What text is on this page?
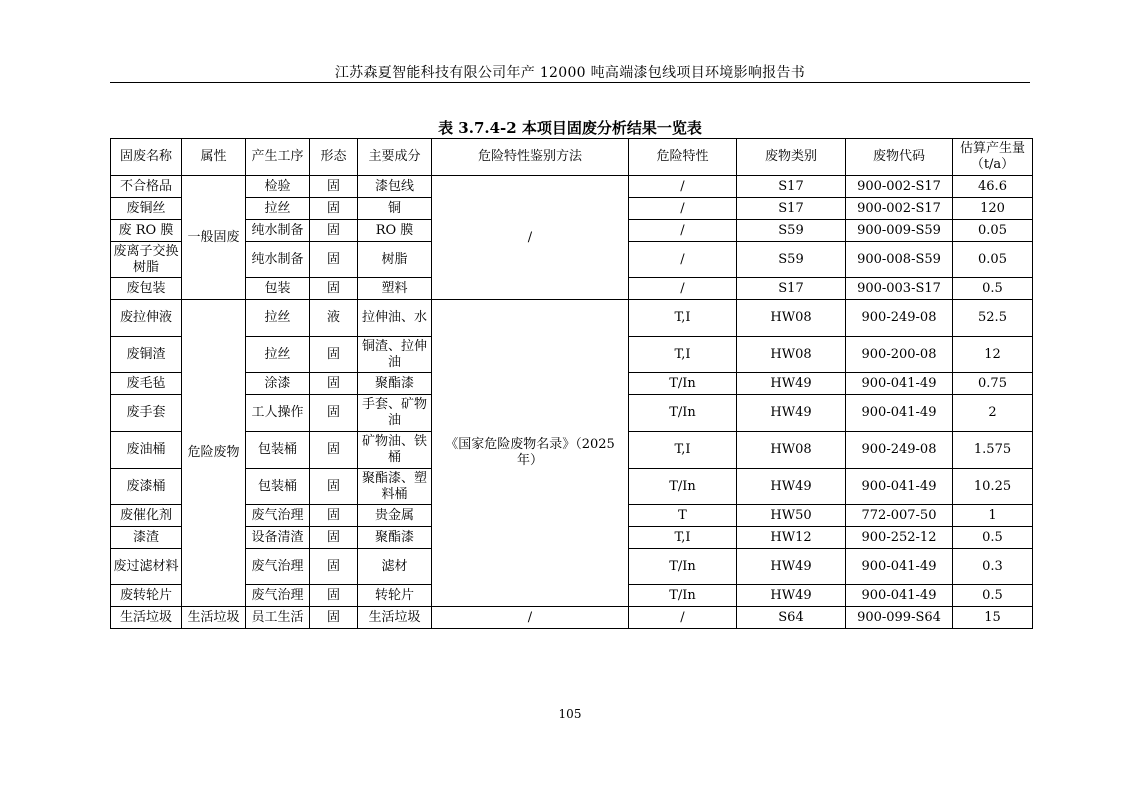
江苏森夏智能科技有限公司年产 12000 吨高端漆包线项目环境影响报告书
表 3.7.4-2 本项目固废分析结果一览表
固废名称	属性	产生工序	形态	主要成分	危险特性鉴别方法	危险特性	废物类别	废物代码	估算产生量（t/a）
不合格品	一般固废	检验	固	漆包线	/	/	S17	900-002-S17	46.6
废铜丝		拉丝	固	铜		/	S17	900-002-S17	120
废 RO 膜		纯水制备	固	RO 膜		/	S59	900-009-S59	0.05
废离子交换树脂		纯水制备	固	树脂		/	S59	900-008-S59	0.05
废包装		包装	固	塑料		/	S17	900-003-S17	0.5
废拉伸液	危险废物	拉丝	液	拉伸油、水	《国家危险废物名录》（2025 年）	T,I	HW08	900-249-08	52.5
废铜渣		拉丝	固	铜渣、拉伸油		T,I	HW08	900-200-08	12
废毛毡		涂漆	固	聚酯漆		T/In	HW49	900-041-49	0.75
废手套		工人操作	固	手套、矿物油		T/In	HW49	900-041-49	2
废油桶		包装桶	固	矿物油、铁桶		T,I	HW08	900-249-08	1.575
废漆桶		包装桶	固	聚酯漆、塑料桶		T/In	HW49	900-041-49	10.25
废催化剂		废气治理	固	贵金属		T	HW50	772-007-50	1
漆渣		设备清渣	固	聚酯漆		T,I	HW12	900-252-12	0.5
废过滤材料		废气治理	固	滤材		T/In	HW49	900-041-49	0.3
废转轮片		废气治理	固	转轮片		T/In	HW49	900-041-49	0.5
生活垃圾	生活垃圾	员工生活	固	生活垃圾	/	/	S64	900-099-S64	15
105
